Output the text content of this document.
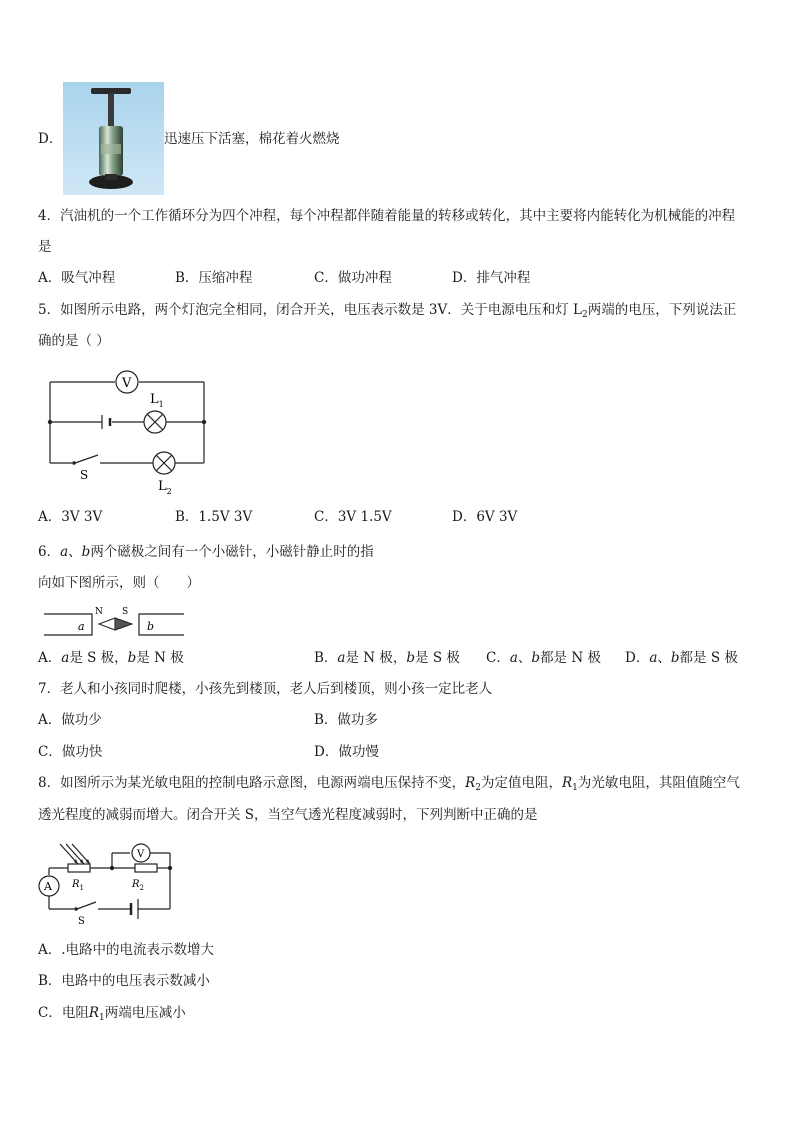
D．	迅速压下活塞，棉花着火燃烧
4．汽油机的一个工作循环分为四个冲程，每个冲程都伴随着能量的转移或转化，其中主要将内能转化为机械能的冲程
是
A．吸气冲程	B．压缩冲程	C．做功冲程	D．排气冲程
5．如图所示电路，两个灯泡完全相同，闭合开关，电压表示数是 3V．关于电源电压和灯 $L_2$两端的电压，下列说法正
确的是（ ）
V
$L_1$
S
$L_2$
A．3V 3V	B．1.5V 3V	C．3V 1.5V	D．6V 3V
6．a、b两个磁极之间有一个小磁针，小磁针静止时的指
向如下图所示，则（　　）
a	b
N S
A．a是 S 极，b是 N 极	B．a是 N 极，b是 S 极 C．a、b都是 N 极 D．a、b都是 S 极
7．老人和小孩同时爬楼，小孩先到楼顶，老人后到楼顶，则小孩一定比老人
A．做功少	B．做功多
C．做功快	D．做功慢
8．如图所示为某光敏电阻的控制电路示意图，电源两端电压保持不变，$R_2$为定值电阻，$R_1$为光敏电阻，其阻值随空气
透光程度的减弱而增大。闭合开关 S，当空气透光程度减弱时，下列判断中正确的是
A
V
$R_1$	$R_2$
S
A．.电路中的电流表示数增大
B．电路中的电压表示数减小
C．电阻$R_1$两端电压减小
